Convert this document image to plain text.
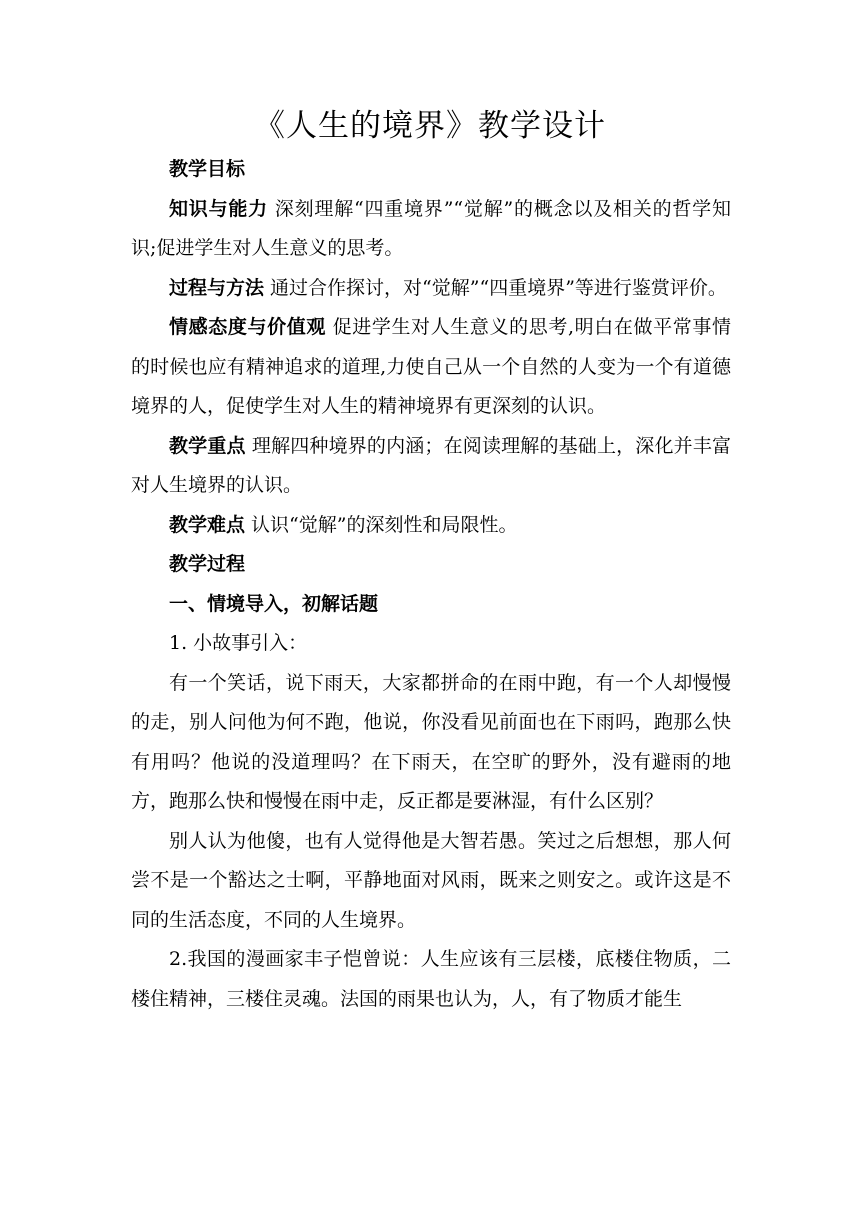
《人生的境界》教学设计

教学目标

知识与能力 深刻理解“四重境界”“觉解”的概念以及相关的哲学知识;促进学生对人生意义的思考。

过程与方法 通过合作探讨，对“觉解”“四重境界”等进行鉴赏评价。

情感态度与价值观 促进学生对人生意义的思考,明白在做平常事情的时候也应有精神追求的道理,力使自己从一个自然的人变为一个有道德境界的人，促使学生对人生的精神境界有更深刻的认识。

教学重点 理解四种境界的内涵；在阅读理解的基础上，深化并丰富对人生境界的认识。

教学难点 认识“觉解”的深刻性和局限性。

教学过程

一、情境导入，初解话题

1. 小故事引入：

有一个笑话，说下雨天，大家都拼命的在雨中跑，有一个人却慢慢的走，别人问他为何不跑，他说，你没看见前面也在下雨吗，跑那么快有用吗？他说的没道理吗？在下雨天，在空旷的野外，没有避雨的地方，跑那么快和慢慢在雨中走，反正都是要淋湿，有什么区别？

别人认为他傻，也有人觉得他是大智若愚。笑过之后想想，那人何尝不是一个豁达之士啊，平静地面对风雨，既来之则安之。或许这是不同的生活态度，不同的人生境界。

2.我国的漫画家丰子恺曾说：人生应该有三层楼，底楼住物质，二楼住精神，三楼住灵魂。法国的雨果也认为，人，有了物质才能生
